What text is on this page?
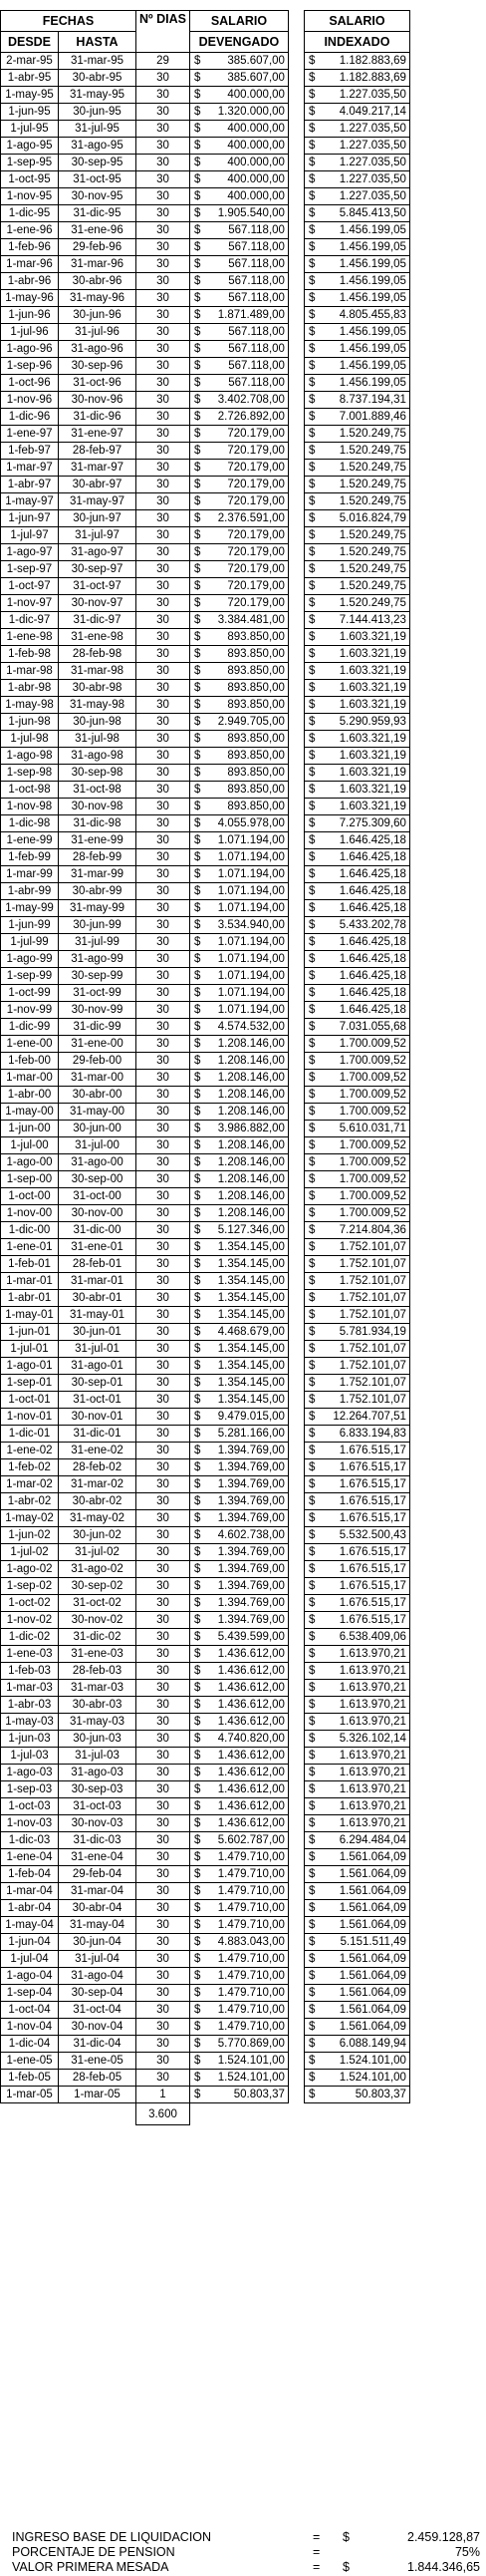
FECHAS		Nº DIAS	SALARIO		SALARIO
DESDE	HASTA		DEVENGADO		INDEXADO
2-mar-95	31-mar-95	29	$ 385.607,00		$ 1.182.883,69

1-abr-95	30-abr-95	30	$ 385.607,00		$ 1.182.883,69

1-may-95	31-may-95	30	$ 400.000,00		$ 1.227.035,50

1-jun-95	30-jun-95	30	$ 1.320.000,00		$ 4.049.217,14

1-jul-95	31-jul-95	30	$ 400.000,00		$ 1.227.035,50

1-ago-95	31-ago-95	30	$ 400.000,00		$ 1.227.035,50

1-sep-95	30-sep-95	30	$ 400.000,00		$ 1.227.035,50

1-oct-95	31-oct-95	30	$ 400.000,00		$ 1.227.035,50

1-nov-95	30-nov-95	30	$ 400.000,00		$ 1.227.035,50

1-dic-95	31-dic-95	30	$ 1.905.540,00		$ 5.845.413,50

1-ene-96	31-ene-96	30	$ 567.118,00		$ 1.456.199,05

1-feb-96	29-feb-96	30	$ 567.118,00		$ 1.456.199,05

1-mar-96	31-mar-96	30	$ 567.118,00		$ 1.456.199,05

1-abr-96	30-abr-96	30	$ 567.118,00		$ 1.456.199,05

1-may-96	31-may-96	30	$ 567.118,00		$ 1.456.199,05

1-jun-96	30-jun-96	30	$ 1.871.489,00		$ 4.805.455,83

1-jul-96	31-jul-96	30	$ 567.118,00		$ 1.456.199,05

1-ago-96	31-ago-96	30	$ 567.118,00		$ 1.456.199,05

1-sep-96	30-sep-96	30	$ 567.118,00		$ 1.456.199,05

1-oct-96	31-oct-96	30	$ 567.118,00		$ 1.456.199,05

1-nov-96	30-nov-96	30	$ 3.402.708,00		$ 8.737.194,31

1-dic-96	31-dic-96	30	$ 2.726.892,00		$ 7.001.889,46

1-ene-97	31-ene-97	30	$ 720.179,00		$ 1.520.249,75

1-feb-97	28-feb-97	30	$ 720.179,00		$ 1.520.249,75

1-mar-97	31-mar-97	30	$ 720.179,00		$ 1.520.249,75

1-abr-97	30-abr-97	30	$ 720.179,00		$ 1.520.249,75

1-may-97	31-may-97	30	$ 720.179,00		$ 1.520.249,75

1-jun-97	30-jun-97	30	$ 2.376.591,00		$ 5.016.824,79

1-jul-97	31-jul-97	30	$ 720.179,00		$ 1.520.249,75

1-ago-97	31-ago-97	30	$ 720.179,00		$ 1.520.249,75

1-sep-97	30-sep-97	30	$ 720.179,00		$ 1.520.249,75

1-oct-97	31-oct-97	30	$ 720.179,00		$ 1.520.249,75

1-nov-97	30-nov-97	30	$ 720.179,00		$ 1.520.249,75

1-dic-97	31-dic-97	30	$ 3.384.481,00		$ 7.144.413,23

1-ene-98	31-ene-98	30	$ 893.850,00		$ 1.603.321,19

1-feb-98	28-feb-98	30	$ 893.850,00		$ 1.603.321,19

1-mar-98	31-mar-98	30	$ 893.850,00		$ 1.603.321,19

1-abr-98	30-abr-98	30	$ 893.850,00		$ 1.603.321,19

1-may-98	31-may-98	30	$ 893.850,00		$ 1.603.321,19

1-jun-98	30-jun-98	30	$ 2.949.705,00		$ 5.290.959,93

1-jul-98	31-jul-98	30	$ 893.850,00		$ 1.603.321,19

1-ago-98	31-ago-98	30	$ 893.850,00		$ 1.603.321,19

1-sep-98	30-sep-98	30	$ 893.850,00		$ 1.603.321,19

1-oct-98	31-oct-98	30	$ 893.850,00		$ 1.603.321,19

1-nov-98	30-nov-98	30	$ 893.850,00		$ 1.603.321,19

1-dic-98	31-dic-98	30	$ 4.055.978,00		$ 7.275.309,60

1-ene-99	31-ene-99	30	$ 1.071.194,00		$ 1.646.425,18

1-feb-99	28-feb-99	30	$ 1.071.194,00		$ 1.646.425,18

1-mar-99	31-mar-99	30	$ 1.071.194,00		$ 1.646.425,18

1-abr-99	30-abr-99	30	$ 1.071.194,00		$ 1.646.425,18

1-may-99	31-may-99	30	$ 1.071.194,00		$ 1.646.425,18

1-jun-99	30-jun-99	30	$ 3.534.940,00		$ 5.433.202,78

1-jul-99	31-jul-99	30	$ 1.071.194,00		$ 1.646.425,18

1-ago-99	31-ago-99	30	$ 1.071.194,00		$ 1.646.425,18

1-sep-99	30-sep-99	30	$ 1.071.194,00		$ 1.646.425,18

1-oct-99	31-oct-99	30	$ 1.071.194,00		$ 1.646.425,18

1-nov-99	30-nov-99	30	$ 1.071.194,00		$ 1.646.425,18

1-dic-99	31-dic-99	30	$ 4.574.532,00		$ 7.031.055,68

1-ene-00	31-ene-00	30	$ 1.208.146,00		$ 1.700.009,52

1-feb-00	29-feb-00	30	$ 1.208.146,00		$ 1.700.009,52

1-mar-00	31-mar-00	30	$ 1.208.146,00		$ 1.700.009,52

1-abr-00	30-abr-00	30	$ 1.208.146,00		$ 1.700.009,52

1-may-00	31-may-00	30	$ 1.208.146,00		$ 1.700.009,52

1-jun-00	30-jun-00	30	$ 3.986.882,00		$ 5.610.031,71

1-jul-00	31-jul-00	30	$ 1.208.146,00		$ 1.700.009,52

1-ago-00	31-ago-00	30	$ 1.208.146,00		$ 1.700.009,52

1-sep-00	30-sep-00	30	$ 1.208.146,00		$ 1.700.009,52

1-oct-00	31-oct-00	30	$ 1.208.146,00		$ 1.700.009,52

1-nov-00	30-nov-00	30	$ 1.208.146,00		$ 1.700.009,52

1-dic-00	31-dic-00	30	$ 5.127.346,00		$ 7.214.804,36

1-ene-01	31-ene-01	30	$ 1.354.145,00		$ 1.752.101,07

1-feb-01	28-feb-01	30	$ 1.354.145,00		$ 1.752.101,07

1-mar-01	31-mar-01	30	$ 1.354.145,00		$ 1.752.101,07

1-abr-01	30-abr-01	30	$ 1.354.145,00		$ 1.752.101,07

1-may-01	31-may-01	30	$ 1.354.145,00		$ 1.752.101,07

1-jun-01	30-jun-01	30	$ 4.468.679,00		$ 5.781.934,19

1-jul-01	31-jul-01	30	$ 1.354.145,00		$ 1.752.101,07

1-ago-01	31-ago-01	30	$ 1.354.145,00		$ 1.752.101,07

1-sep-01	30-sep-01	30	$ 1.354.145,00		$ 1.752.101,07

1-oct-01	31-oct-01	30	$ 1.354.145,00		$ 1.752.101,07

1-nov-01	30-nov-01	30	$ 9.479.015,00		$ 12.264.707,51

1-dic-01	31-dic-01	30	$ 5.281.166,00		$ 6.833.194,83

1-ene-02	31-ene-02	30	$ 1.394.769,00		$ 1.676.515,17

1-feb-02	28-feb-02	30	$ 1.394.769,00		$ 1.676.515,17

1-mar-02	31-mar-02	30	$ 1.394.769,00		$ 1.676.515,17

1-abr-02	30-abr-02	30	$ 1.394.769,00		$ 1.676.515,17

1-may-02	31-may-02	30	$ 1.394.769,00		$ 1.676.515,17

1-jun-02	30-jun-02	30	$ 4.602.738,00		$ 5.532.500,43

1-jul-02	31-jul-02	30	$ 1.394.769,00		$ 1.676.515,17

1-ago-02	31-ago-02	30	$ 1.394.769,00		$ 1.676.515,17

1-sep-02	30-sep-02	30	$ 1.394.769,00		$ 1.676.515,17

1-oct-02	31-oct-02	30	$ 1.394.769,00		$ 1.676.515,17

1-nov-02	30-nov-02	30	$ 1.394.769,00		$ 1.676.515,17

1-dic-02	31-dic-02	30	$ 5.439.599,00		$ 6.538.409,06

1-ene-03	31-ene-03	30	$ 1.436.612,00		$ 1.613.970,21

1-feb-03	28-feb-03	30	$ 1.436.612,00		$ 1.613.970,21

1-mar-03	31-mar-03	30	$ 1.436.612,00		$ 1.613.970,21

1-abr-03	30-abr-03	30	$ 1.436.612,00		$ 1.613.970,21

1-may-03	31-may-03	30	$ 1.436.612,00		$ 1.613.970,21

1-jun-03	30-jun-03	30	$ 4.740.820,00		$ 5.326.102,14

1-jul-03	31-jul-03	30	$ 1.436.612,00		$ 1.613.970,21

1-ago-03	31-ago-03	30	$ 1.436.612,00		$ 1.613.970,21

1-sep-03	30-sep-03	30	$ 1.436.612,00		$ 1.613.970,21

1-oct-03	31-oct-03	30	$ 1.436.612,00		$ 1.613.970,21

1-nov-03	30-nov-03	30	$ 1.436.612,00		$ 1.613.970,21

1-dic-03	31-dic-03	30	$ 5.602.787,00		$ 6.294.484,04

1-ene-04	31-ene-04	30	$ 1.479.710,00		$ 1.561.064,09

1-feb-04	29-feb-04	30	$ 1.479.710,00		$ 1.561.064,09

1-mar-04	31-mar-04	30	$ 1.479.710,00		$ 1.561.064,09

1-abr-04	30-abr-04	30	$ 1.479.710,00		$ 1.561.064,09

1-may-04	31-may-04	30	$ 1.479.710,00		$ 1.561.064,09

1-jun-04	30-jun-04	30	$ 4.883.043,00		$ 5.151.511,49

1-jul-04	31-jul-04	30	$ 1.479.710,00		$ 1.561.064,09

1-ago-04	31-ago-04	30	$ 1.479.710,00		$ 1.561.064,09

1-sep-04	30-sep-04	30	$ 1.479.710,00		$ 1.561.064,09

1-oct-04	31-oct-04	30	$ 1.479.710,00		$ 1.561.064,09

1-nov-04	30-nov-04	30	$ 1.479.710,00		$ 1.561.064,09

1-dic-04	31-dic-04	30	$ 5.770.869,00		$ 6.088.149,94

1-ene-05	31-ene-05	30	$ 1.524.101,00		$ 1.524.101,00

1-feb-05	28-feb-05	30	$ 1.524.101,00		$ 1.524.101,00

1-mar-05	1-mar-05	1	$ 50.803,37		$ 50.803,37

		3.600			
INGRESO BASE DE LIQUIDACION	=	$	2.459.128,87
PORCENTAJE DE PENSION	=	75%
VALOR PRIMERA MESADA	=	$	1.844.346,65
